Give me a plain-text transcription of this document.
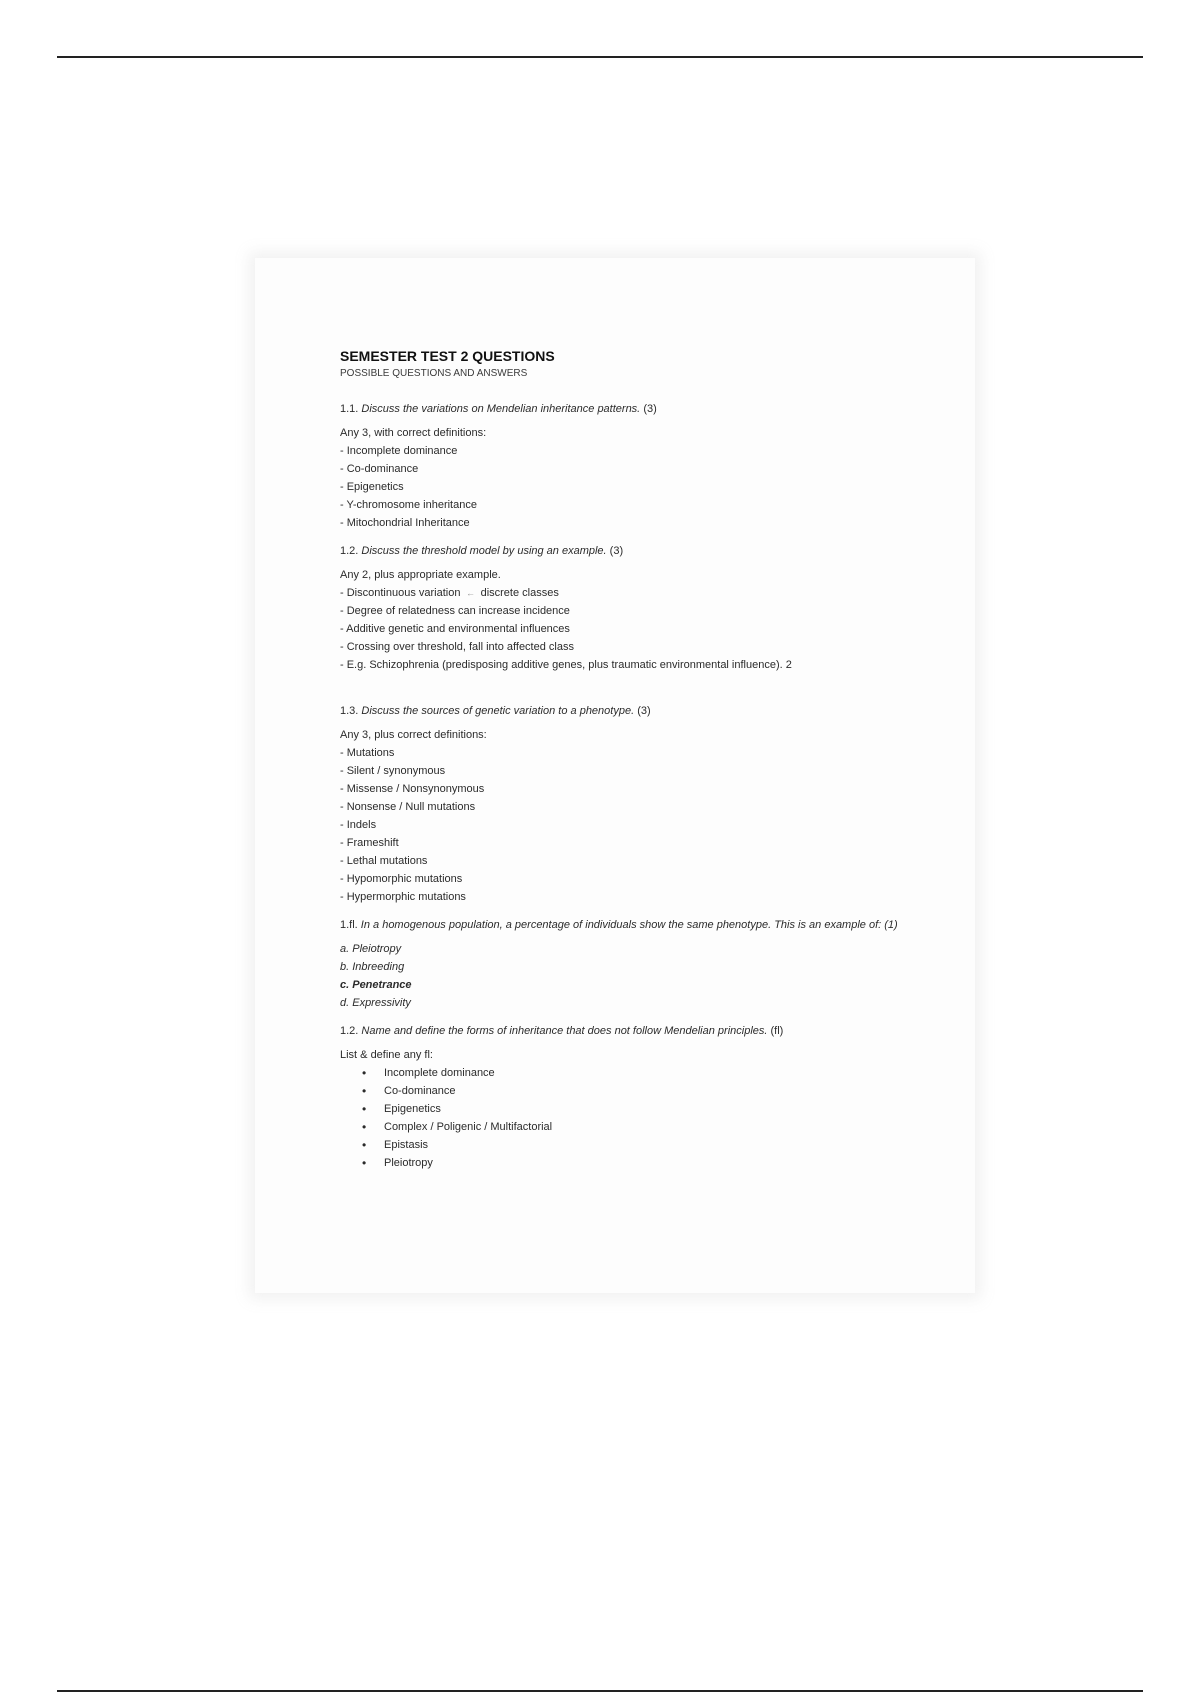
SEMESTER TEST 2 QUESTIONS
POSSIBLE QUESTIONS AND ANSWERS
1.1. Discuss the variations on Mendelian inheritance patterns. (3)
Any 3, with correct definitions:
- Incomplete dominance
- Co-dominance
- Epigenetics
- Y-chromosome inheritance
- Mitochondrial Inheritance
1.2. Discuss the threshold model by using an example. (3)
Any 2, plus appropriate example.
- Discontinuous variation ← discrete classes
- Degree of relatedness can increase incidence
- Additive genetic and environmental influences
- Crossing over threshold, fall into affected class
- E.g. Schizophrenia (predisposing additive genes, plus traumatic environmental influence). 2
1.3. Discuss the sources of genetic variation to a phenotype. (3)
Any 3, plus correct definitions:
- Mutations
- Silent / synonymous
- Missense / Nonsynonymous
- Nonsense / Null mutations
- Indels
- Frameshift
- Lethal mutations
- Hypomorphic mutations
- Hypermorphic mutations
1.fl. In a homogenous population, a percentage of individuals show the same phenotype. This is an example of: (1)
a. Pleiotropy
b. Inbreeding
c. Penetrance
d. Expressivity
1.2. Name and define the forms of inheritance that does not follow Mendelian principles. (fl)
List & define any fl:
• Incomplete dominance
• Co-dominance
• Epigenetics
• Complex / Poligenic / Multifactorial
• Epistasis
• Pleiotropy
